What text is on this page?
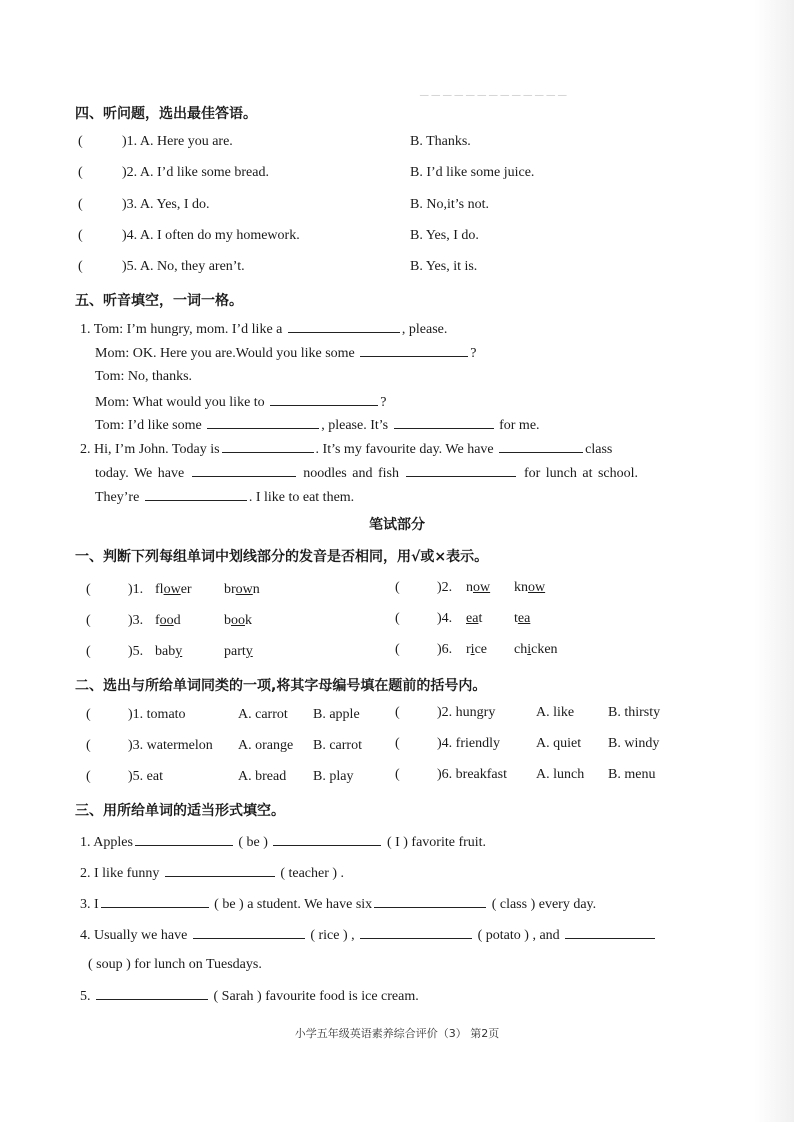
─ ─ ─ ─ ─ ─ ─ ─ ─ ─ ─ ─ ─
四、听问题，选出最佳答语。
(	)1. A. Here you are.	B. Thanks.
(	)2. A. I’d like some bread.	B. I’d like some juice.
(	)3. A. Yes, I do.	B. No,it’s not.
(	)4. A. I often do my homework.	B. Yes, I do.
(	)5. A. No, they aren’t.	B. Yes, it is.
五、听音填空，一词一格。
1. Tom: I’m hungry, mom. I’d like a	, please.
Mom: OK. Here you are.Would you like some	?
Tom: No, thanks.
Mom: What would you like to	?
Tom: I’d like some	, please. It’s	for me.
2. Hi, I’m John. Today is	. It’s my favourite day. We have	class
today. We have	noodles and fish	for lunch at school.
They’re	. I like to eat them.
笔试部分
一、判断下列每组单词中划线部分的发音是否相同，用√或×表示。
(	)1. flower brown	(	)2. now know
(	)3. food	book	(	)4. eat tea
(	)5. baby	party	(	)6. rice chicken
二、选出与所给单词同类的一项,将其字母编号填在题前的括号内。
(	)1. tomato	A. carrot B. apple	(	)2. hungry	A. like B. thirsty
(	)3. watermelon A. orange B. carrot (	)4. friendly	A. quiet B. windy
(	)5. eat	A. bread B. play	(	)6. breakfast A. lunch B. menu
三、用所给单词的适当形式填空。
1. Apples	( be )	( I ) favorite fruit.
2. I like funny	( teacher ) .
3. I	( be ) a student. We have six	( class ) every day.
4. Usually we have	( rice ) ,	( potato ) , and
( soup ) for lunch on Tuesdays.
5.	( Sarah ) favourite food is ice cream.
小学五年级英语素养综合评价（3） 第2页
